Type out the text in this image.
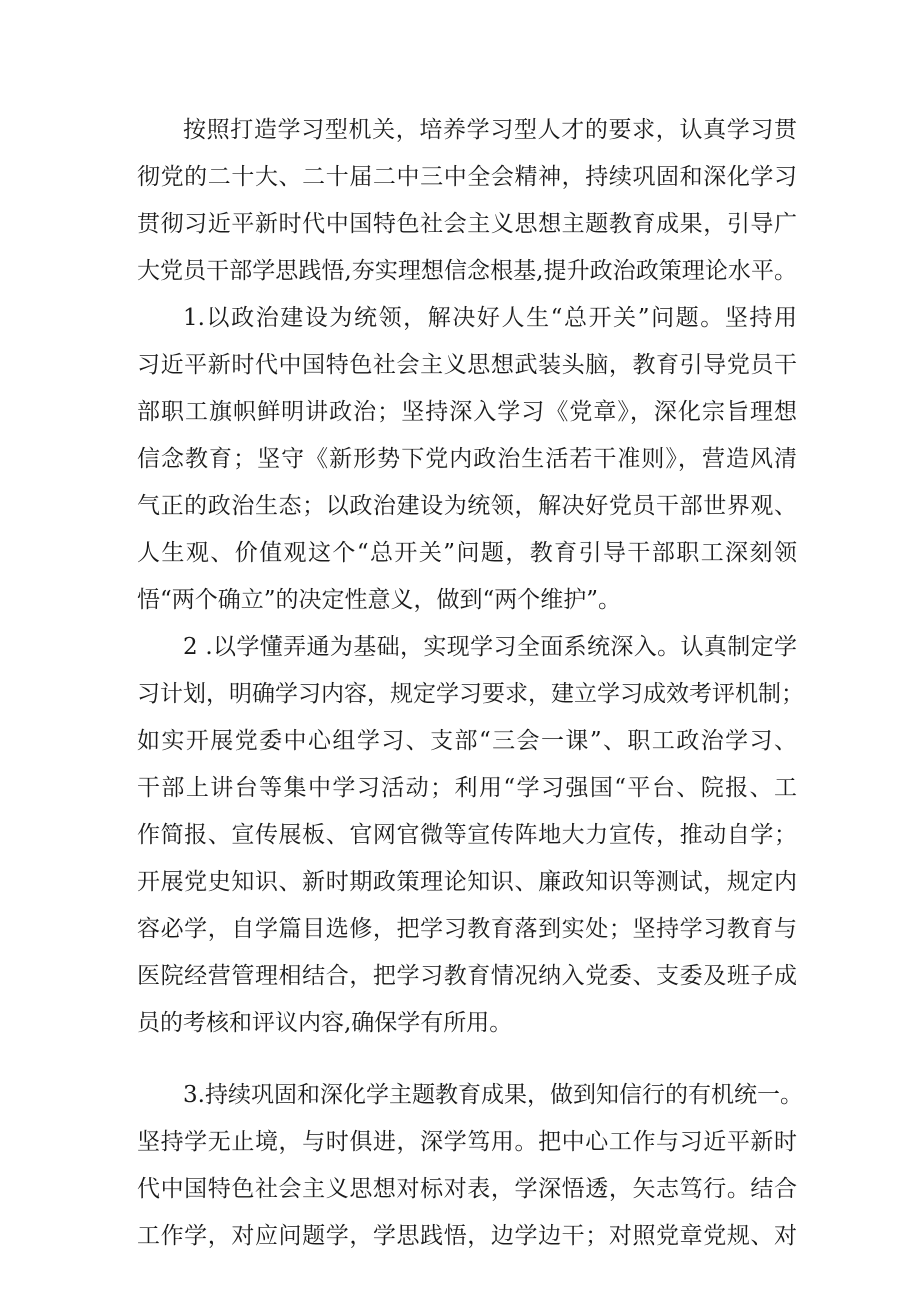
按照打造学习型机关，培养学习型人才的要求，认真学习贯
彻党的二十大、二十届二中三中全会精神，持续巩固和深化学习
贯彻习近平新时代中国特色社会主义思想主题教育成果，引导广
大党员干部学思践悟,夯实理想信念根基,提升政治政策理论水平。
1.以政治建设为统领，解决好人生“总开关”问题。坚持用
习近平新时代中国特色社会主义思想武装头脑，教育引导党员干
部职工旗帜鲜明讲政治；坚持深入学习《党章》，深化宗旨理想
信念教育；坚守《新形势下党内政治生活若干准则》，营造风清
气正的政治生态；以政治建设为统领，解决好党员干部世界观、
人生观、价值观这个“总开关”问题，教育引导干部职工深刻领
悟“两个确立”的决定性意义，做到“两个维护”。
2 .以学懂弄通为基础，实现学习全面系统深入。认真制定学
习计划，明确学习内容，规定学习要求，建立学习成效考评机制；
如实开展党委中心组学习、支部“三会一课”、职工政治学习、
干部上讲台等集中学习活动；利用“学习强国“平台、院报、工
作简报、宣传展板、官网官微等宣传阵地大力宣传，推动自学；
开展党史知识、新时期政策理论知识、廉政知识等测试，规定内
容必学，自学篇目选修，把学习教育落到实处；坚持学习教育与
医院经营管理相结合，把学习教育情况纳入党委、支委及班子成
员的考核和评议内容,确保学有所用。
3.持续巩固和深化学主题教育成果，做到知信行的有机统一。
坚持学无止境，与时俱进，深学笃用。把中心工作与习近平新时
代中国特色社会主义思想对标对表，学深悟透，矢志笃行。结合
工作学，对应问题学，学思践悟，边学边干；对照党章党规、对
